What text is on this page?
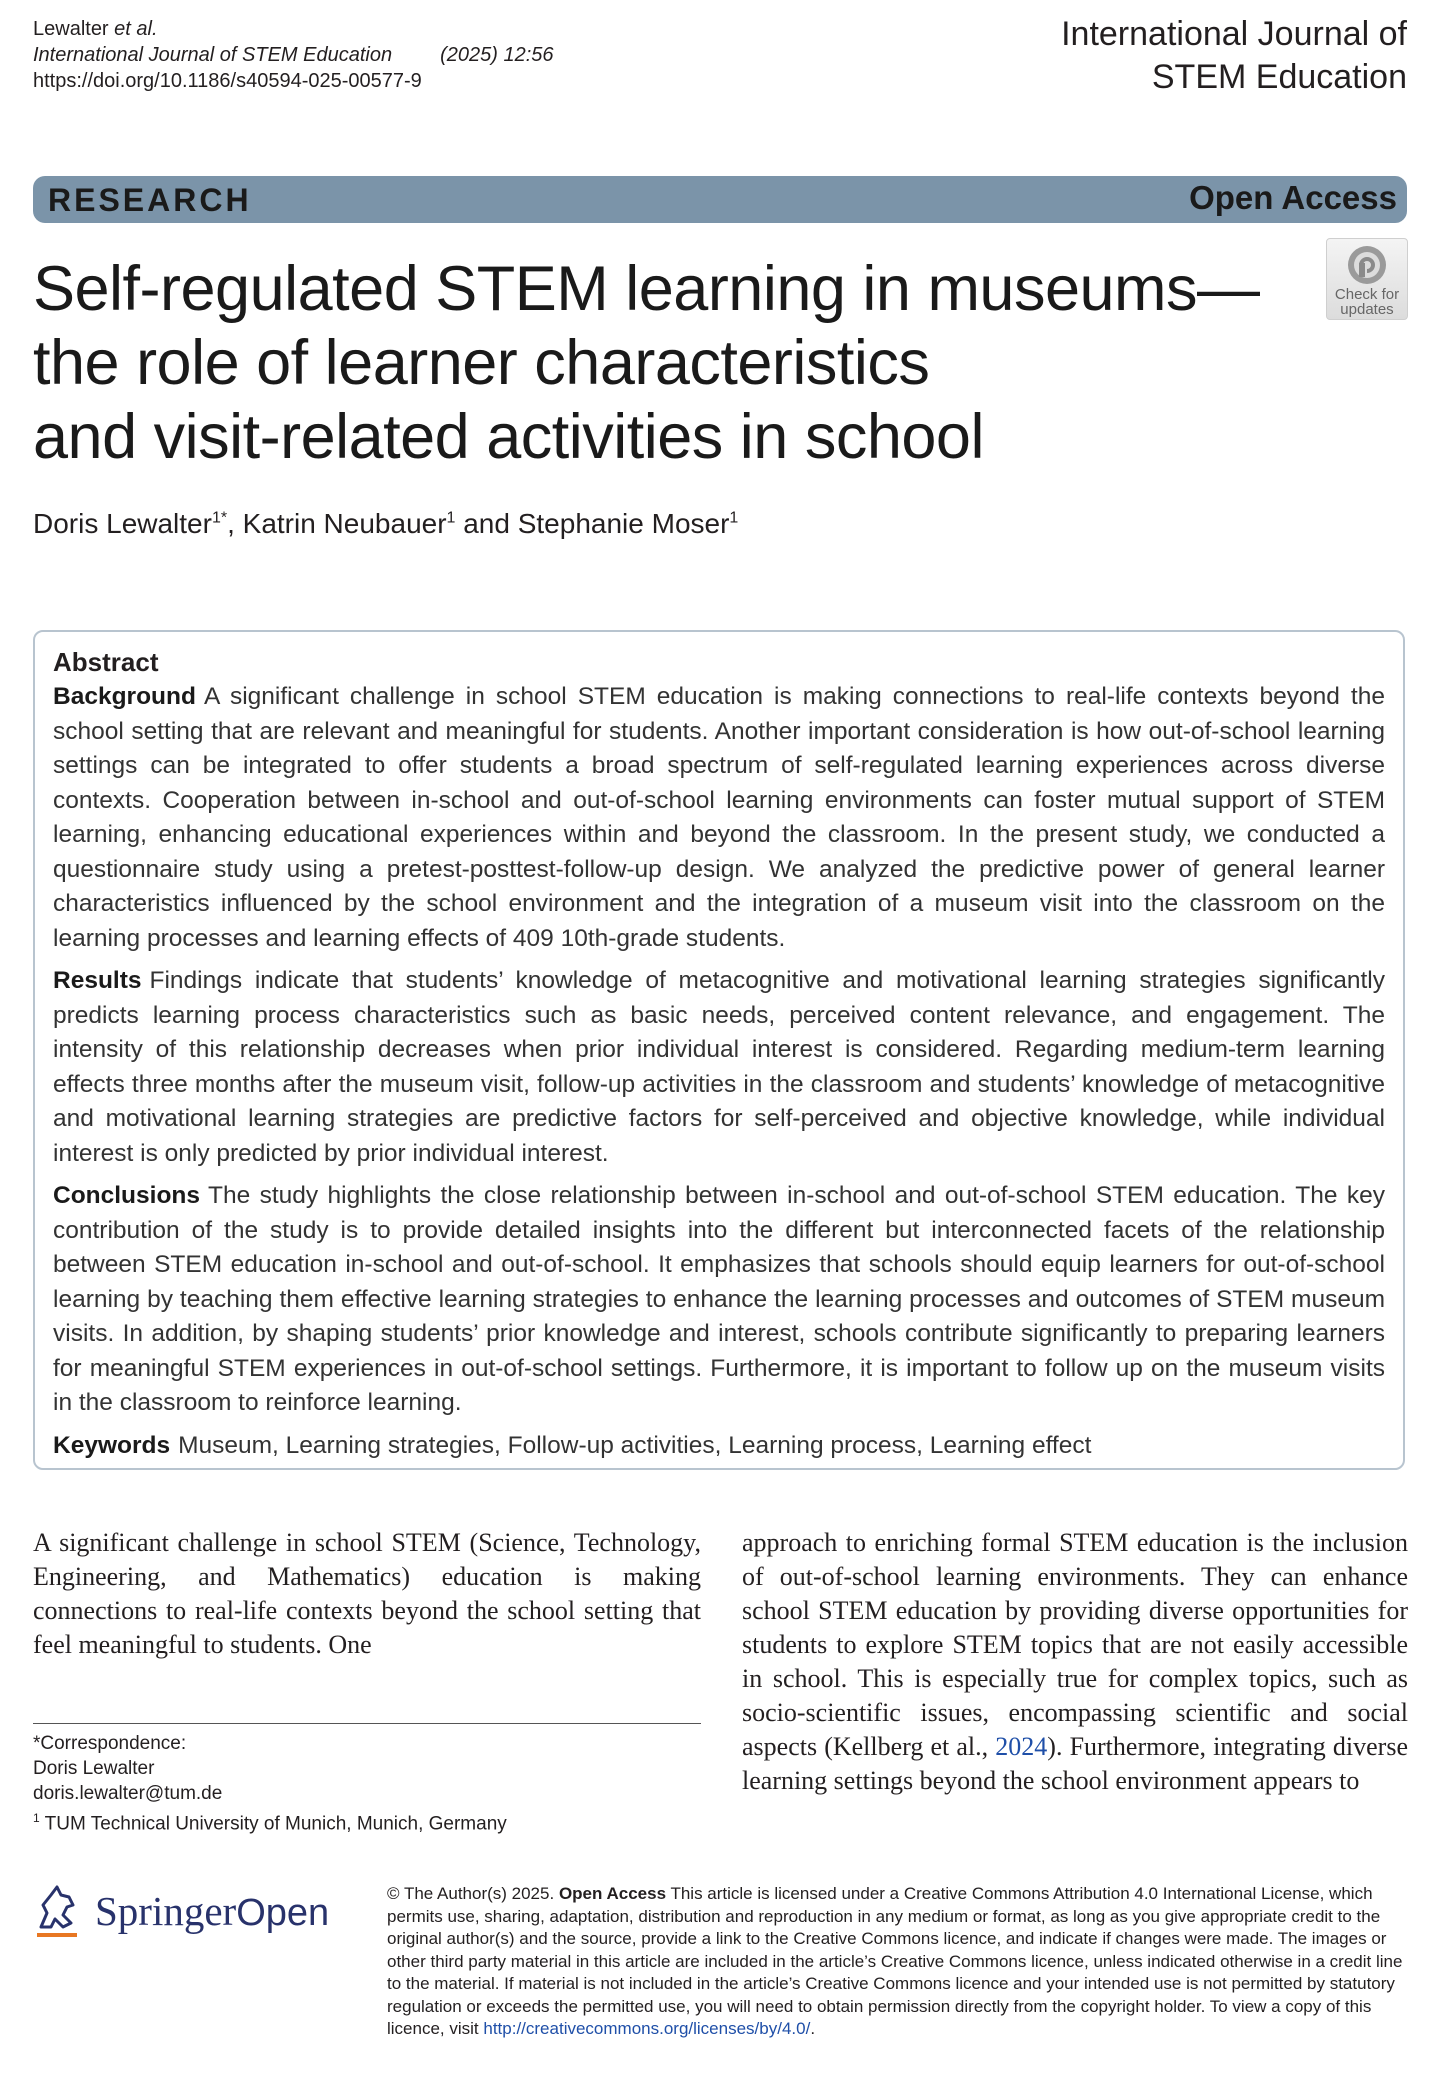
Lewalter et al.
International Journal of STEM Education (2025) 12:56
https://doi.org/10.1186/s40594-025-00577-9
International Journal of
STEM Education
RESEARCH	Open Access
Self-regulated STEM learning in museums—
the role of learner characteristics
and visit-related activities in school
Check for
updates
Doris Lewalter$^{1*}$, Katrin Neubauer$^1$ and Stephanie Moser$^1$
Abstract

Background A significant challenge in school STEM education is making connections to real-life contexts beyond the school setting that are relevant and meaningful for students. Another important consideration is how out-of-school learning settings can be integrated to offer students a broad spectrum of self-regulated learning experiences across diverse contexts. Cooperation between in-school and out-of-school learning environments can foster mutual support of STEM learning, enhancing educational experiences within and beyond the classroom. In the present study, we conducted a questionnaire study using a pretest-posttest-follow-up design. We analyzed the predictive power of general learner characteristics influenced by the school environment and the integration of a museum visit into the classroom on the learning processes and learning effects of 409 10th-grade students.

Results Findings indicate that students’ knowledge of metacognitive and motivational learning strategies significantly predicts learning process characteristics such as basic needs, perceived content relevance, and engagement. The intensity of this relationship decreases when prior individual interest is considered. Regarding medium-term learning effects three months after the museum visit, follow-up activities in the classroom and students’ knowledge of metacognitive and motivational learning strategies are predictive factors for self-perceived and objective knowledge, while individual interest is only predicted by prior individual interest.

Conclusions The study highlights the close relationship between in-school and out-of-school STEM education. The key contribution of the study is to provide detailed insights into the different but interconnected facets of the relationship between STEM education in-school and out-of-school. It emphasizes that schools should equip learners for out-of-school learning by teaching them effective learning strategies to enhance the learning processes and outcomes of STEM museum visits. In addition, by shaping students’ prior knowledge and interest, schools contribute significantly to preparing learners for meaningful STEM experiences in out-of-school settings. Furthermore, it is important to follow up on the museum visits in the classroom to reinforce learning.

Keywords Museum, Learning strategies, Follow-up activities, Learning process, Learning effect

A significant challenge in school STEM (Science, Technology, Engineering, and Mathematics) education is making connections to real-life contexts beyond the school setting that feel meaningful to students. One
approach to enriching formal STEM education is the inclusion of out-of-school learning environments. They can enhance school STEM education by providing diverse opportunities for students to explore STEM topics that are not easily accessible in school. This is especially true for complex topics, such as socio-scientific issues, encompassing scientific and social aspects (Kellberg et al., 2024). Furthermore, integrating diverse learning settings beyond the school environment appears to
*Correspondence:
Doris Lewalter
doris.lewalter@tum.de
$^1$ TUM Technical University of Munich, Munich, Germany
SpringerOpen	© The Author(s) 2025. Open Access This article is licensed under a Creative Commons Attribution 4.0 International License, which permits use, sharing, adaptation, distribution and reproduction in any medium or format, as long as you give appropriate credit to the original author(s) and the source, provide a link to the Creative Commons licence, and indicate if changes were made. The images or other third party material in this article are included in the article’s Creative Commons licence, unless indicated otherwise in a credit line to the material. If material is not included in the article’s Creative Commons licence and your intended use is not permitted by statutory regulation or exceeds the permitted use, you will need to obtain permission directly from the copyright holder. To view a copy of this licence, visit http://creativecommons.org/licenses/by/4.0/.
